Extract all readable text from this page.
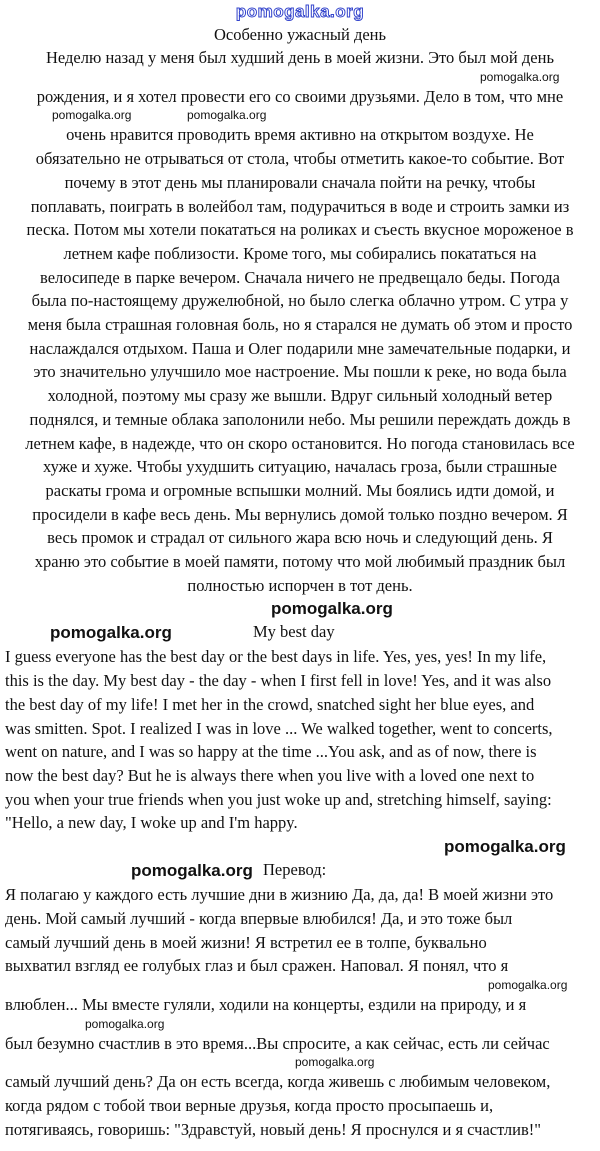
pomogalka.org
Особенно ужасный день
Неделю назад у меня был худший день в моей жизни. Это был мой день
pomogalka.org
рождения, и я хотел провести его со своими друзьями. Дело в том, что мне
pomogalka.org	pomogalka.org
очень нравится проводить время активно на открытом воздухе. Не
обязательно не отрываться от стола, чтобы отметить какое-то событие. Вот
почему в этот день мы планировали сначала пойти на речку, чтобы
поплавать, поиграть в волейбол там, подурачиться в воде и строить замки из
песка. Потом мы хотели покататься на роликах и съесть вкусное мороженое в
летнем кафе поблизости. Кроме того, мы собирались покататься на
велосипеде в парке вечером. Сначала ничего не предвещало беды. Погода
была по-настоящему дружелюбной, но было слегка облачно утром. С утра у
меня была страшная головная боль, но я старался не думать об этом и просто
наслаждался отдыхом. Паша и Олег подарили мне замечательные подарки, и
это значительно улучшило мое настроение. Мы пошли к реке, но вода была
холодной, поэтому мы сразу же вышли. Вдруг сильный холодный ветер
поднялся, и темные облака заполонили небо. Мы решили переждать дождь в
летнем кафе, в надежде, что он скоро остановится. Но погода становилась все
хуже и хуже. Чтобы ухудшить ситуацию, началась гроза, были страшные
раскаты грома и огромные вспышки молний. Мы боялись идти домой, и
просидели в кафе весь день. Мы вернулись домой только поздно вечером. Я
весь промок и страдал от сильного жара всю ночь и следующий день. Я
храню это событие в моей памяти, потому что мой любимый праздник был
полностью испорчен в тот день.
pomogalka.org
pomogalka.org	My best day
I guess everyone has the best day or the best days in life. Yes, yes, yes! In my life,
this is the day. My best day - the day - when I first fell in love! Yes, and it was also
the best day of my life! I met her in the crowd, snatched sight her blue eyes, and
was smitten. Spot. I realized I was in love ... We walked together, went to concerts,
went on nature, and I was so happy at the time ...You ask, and as of now, there is
now the best day? But he is always there when you live with a loved one next to
you when your true friends when you just woke up and, stretching himself, saying:
"Hello, a new day, I woke up and I'm happy.
pomogalka.org
pomogalka.org Перевод:
Я полагаю у каждого есть лучшие дни в жизнию Да, да, да! В моей жизни это
день. Мой самый лучший - когда впервые влюбился! Да, и это тоже был
самый лучший день в моей жизни! Я встретил ее в толпе, буквально
выхватил взгляд ее голубых глаз и был сражен. Наповал. Я понял, что я
pomogalka.org
влюблен... Мы вместе гуляли, ходили на концерты, ездили на природу, и я
pomogalka.org
был безумно счастлив в это время...Вы спросите, а как сейчас, есть ли сейчас
pomogalka.org
самый лучший день? Да он есть всегда, когда живешь с любимым человеком,
когда рядом с тобой твои верные друзья, когда просто просыпаешь и,
потягиваясь, говоришь: "Здравстуй, новый день! Я проснулся и я счастлив!"
